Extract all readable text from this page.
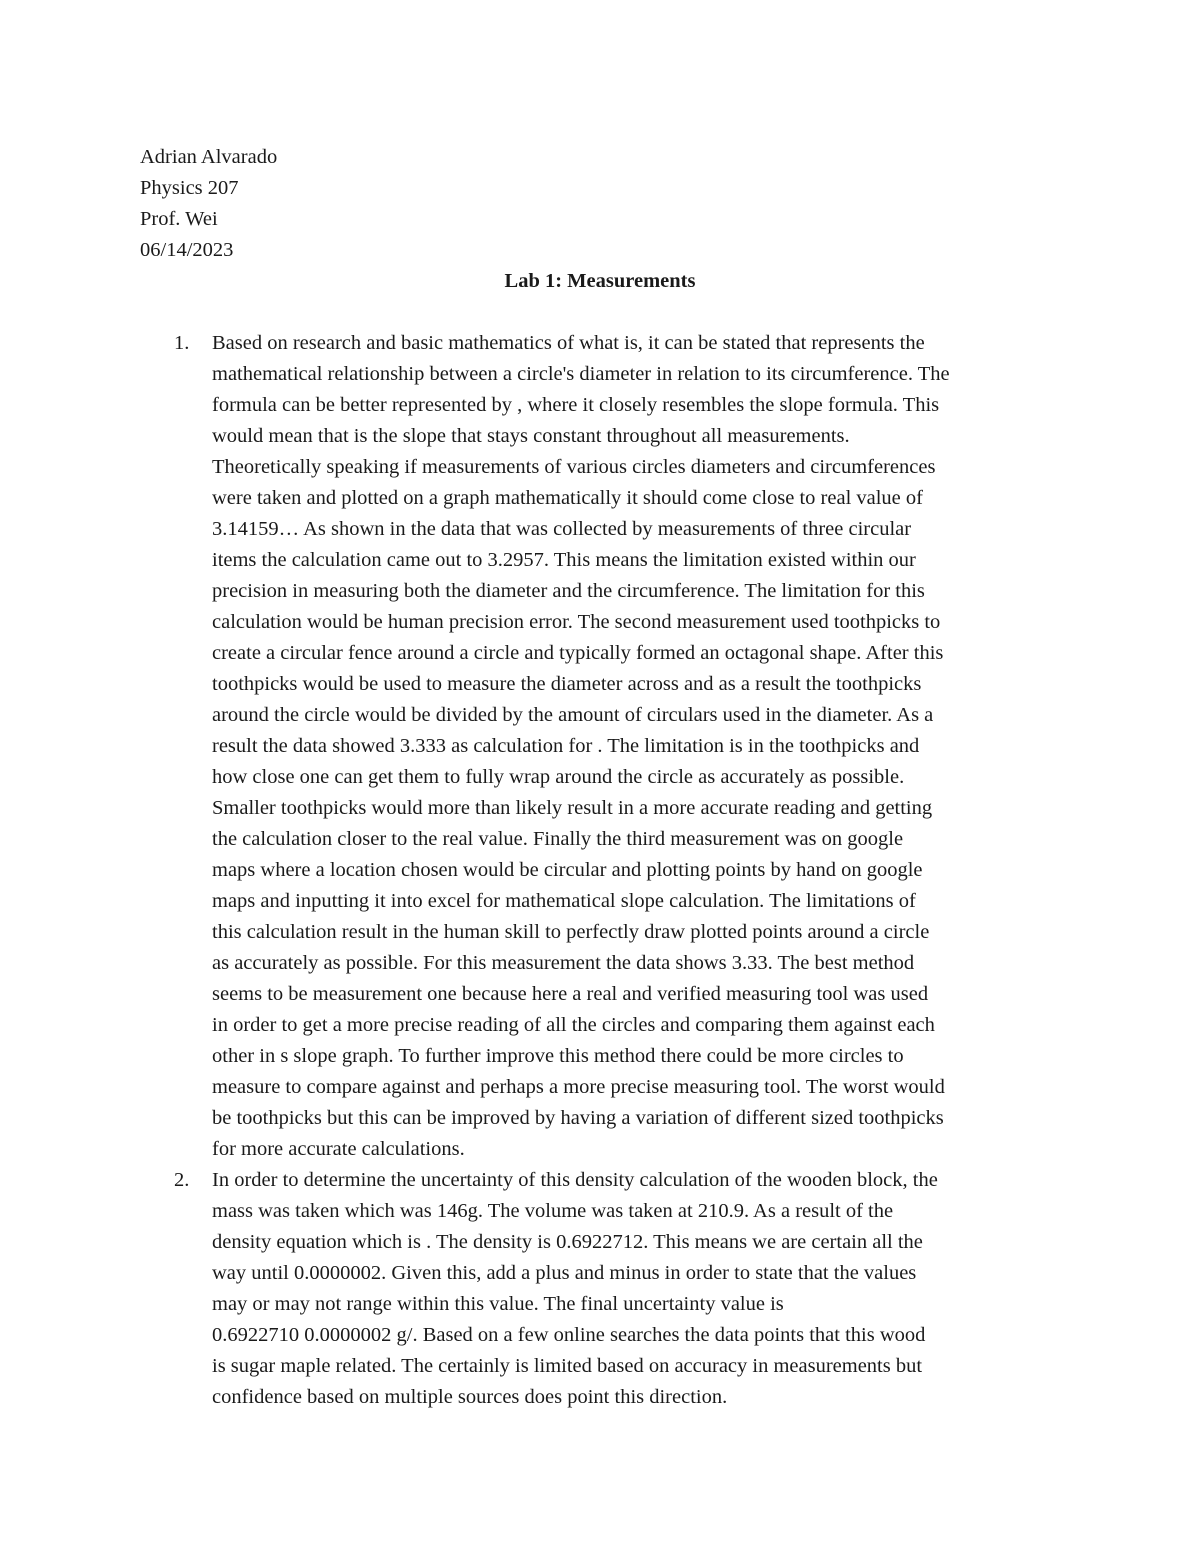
Adrian Alvarado
Physics 207
Prof. Wei
06/14/2023
Lab 1: Measurements
1. Based on research and basic mathematics of what is, it can be stated that represents the
mathematical relationship between a circle's diameter in relation to its circumference. The
formula can be better represented by , where it closely resembles the slope formula. This
would mean that is the slope that stays constant throughout all measurements.
Theoretically speaking if measurements of various circles diameters and circumferences
were taken and plotted on a graph mathematically it should come close to real value of
3.14159… As shown in the data that was collected by measurements of three circular
items the calculation came out to 3.2957. This means the limitation existed within our
precision in measuring both the diameter and the circumference. The limitation for this
calculation would be human precision error. The second measurement used toothpicks to
create a circular fence around a circle and typically formed an octagonal shape. After this
toothpicks would be used to measure the diameter across and as a result the toothpicks
around the circle would be divided by the amount of circulars used in the diameter. As a
result the data showed 3.333 as calculation for . The limitation is in the toothpicks and
how close one can get them to fully wrap around the circle as accurately as possible.
Smaller toothpicks would more than likely result in a more accurate reading and getting
the calculation closer to the real value. Finally the third measurement was on google
maps where a location chosen would be circular and plotting points by hand on google
maps and inputting it into excel for mathematical slope calculation. The limitations of
this calculation result in the human skill to perfectly draw plotted points around a circle
as accurately as possible. For this measurement the data shows 3.33. The best method
seems to be measurement one because here a real and verified measuring tool was used
in order to get a more precise reading of all the circles and comparing them against each
other in s slope graph. To further improve this method there could be more circles to
measure to compare against and perhaps a more precise measuring tool. The worst would
be toothpicks but this can be improved by having a variation of different sized toothpicks
for more accurate calculations.
2. In order to determine the uncertainty of this density calculation of the wooden block, the
mass was taken which was 146g. The volume was taken at 210.9. As a result of the
density equation which is . The density is 0.6922712. This means we are certain all the
way until 0.0000002. Given this, add a plus and minus in order to state that the values
may or may not range within this value. The final uncertainty value is
0.6922710 0.0000002 g/. Based on a few online searches the data points that this wood
is sugar maple related. The certainly is limited based on accuracy in measurements but
confidence based on multiple sources does point this direction.
